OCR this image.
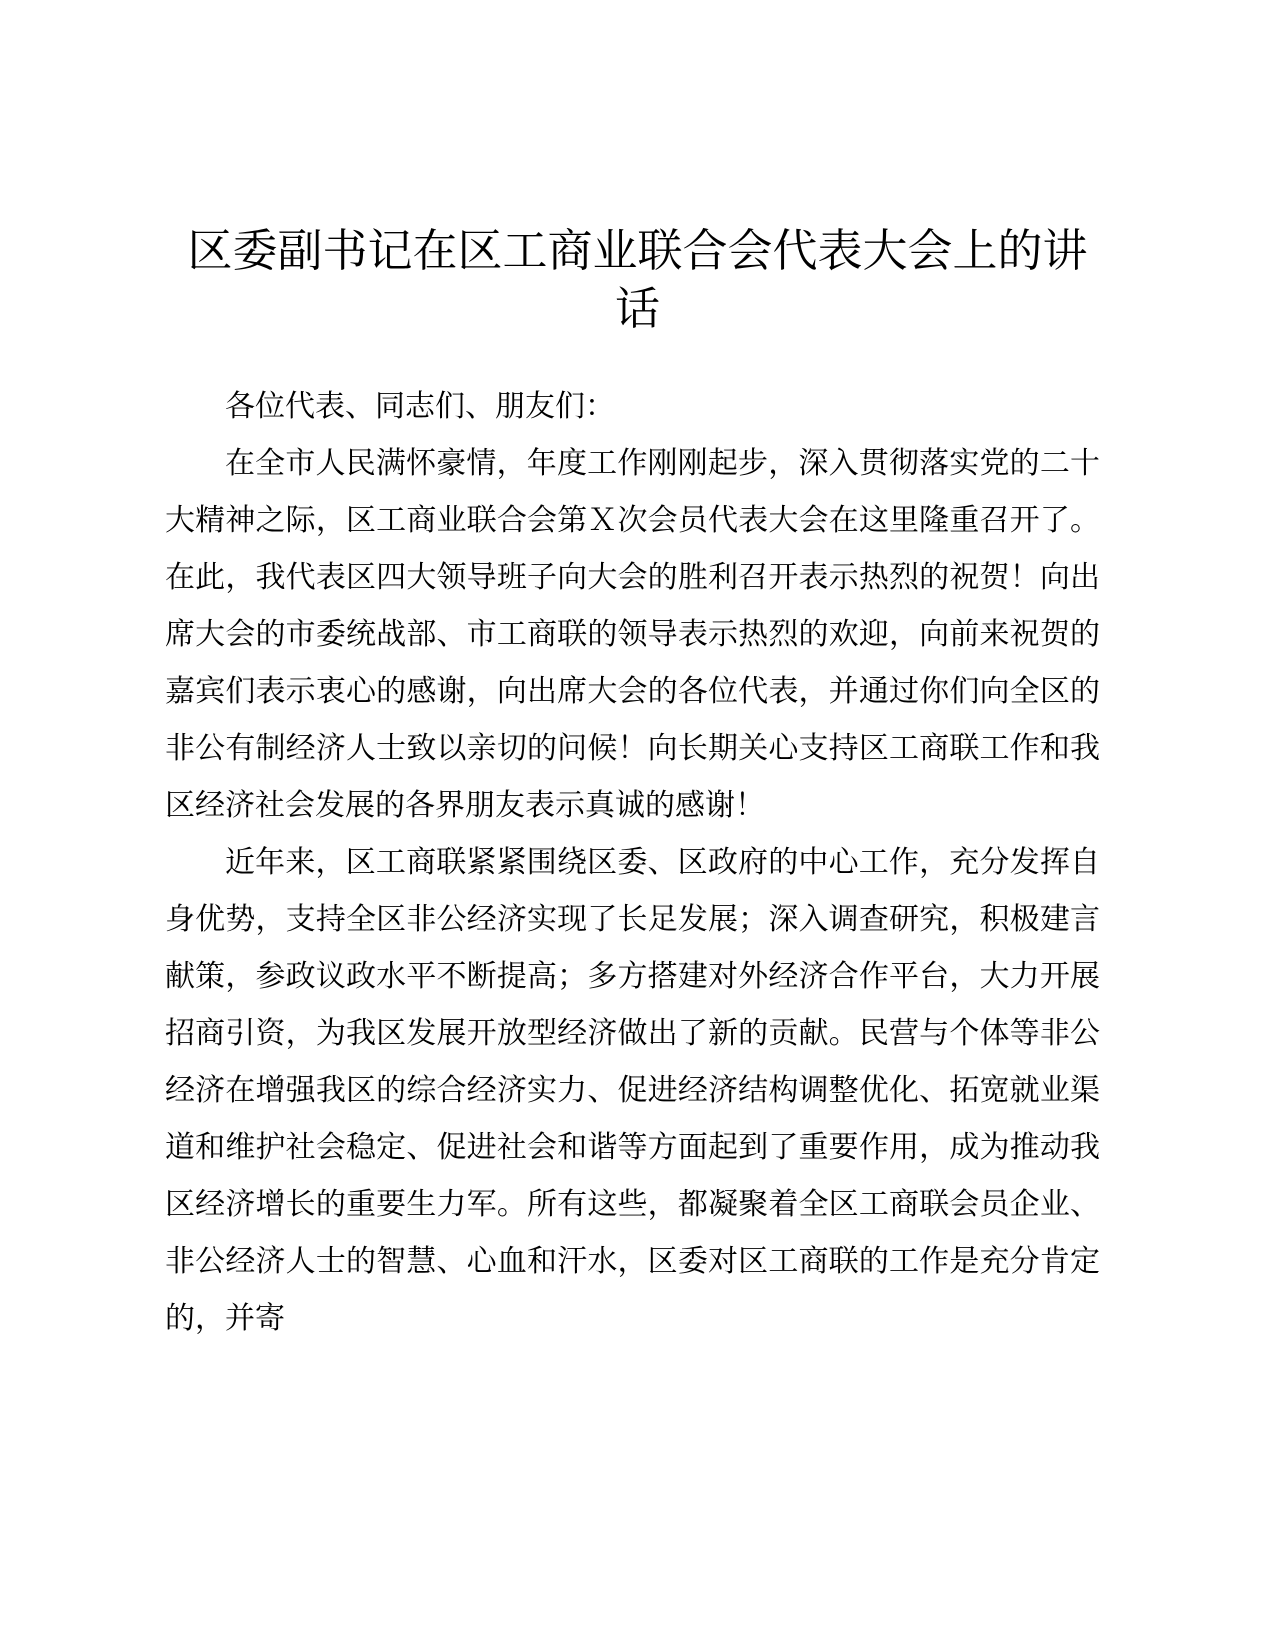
区委副书记在区工商业联合会代表大会上的讲话

各位代表、同志们、朋友们：

在全市人民满怀豪情，年度工作刚刚起步，深入贯彻落实党的二十大精神之际，区工商业联合会第Ｘ次会员代表大会在这里隆重召开了。在此，我代表区四大领导班子向大会的胜利召开表示热烈的祝贺！向出席大会的市委统战部、市工商联的领导表示热烈的欢迎，向前来祝贺的嘉宾们表示衷心的感谢，向出席大会的各位代表，并通过你们向全区的非公有制经济人士致以亲切的问候！向长期关心支持区工商联工作和我区经济社会发展的各界朋友表示真诚的感谢！

近年来，区工商联紧紧围绕区委、区政府的中心工作，充分发挥自身优势，支持全区非公经济实现了长足发展；深入调查研究，积极建言献策，参政议政水平不断提高；多方搭建对外经济合作平台，大力开展招商引资，为我区发展开放型经济做出了新的贡献。民营与个体等非公经济在增强我区的综合经济实力、促进经济结构调整优化、拓宽就业渠道和维护社会稳定、促进社会和谐等方面起到了重要作用，成为推动我区经济增长的重要生力军。所有这些，都凝聚着全区工商联会员企业、非公经济人士的智慧、心血和汗水，区委对区工商联的工作是充分肯定的，并寄
